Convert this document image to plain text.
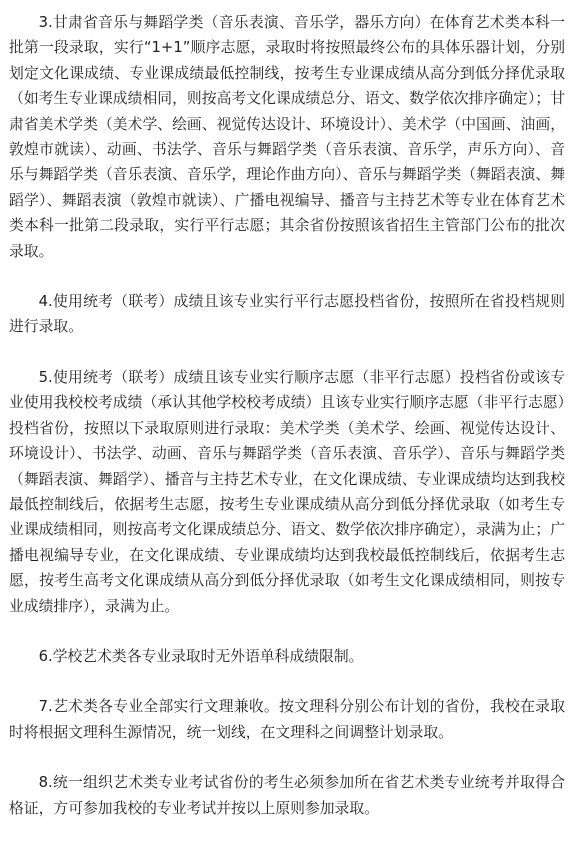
3.甘肃省音乐与舞蹈学类（音乐表演、音乐学，器乐方向）在体育艺术类本科一批第一段录取，实行“1+1”顺序志愿，录取时将按照最终公布的具体乐器计划，分别划定文化课成绩、专业课成绩最低控制线，按考生专业课成绩从高分到低分择优录取（如考生专业课成绩相同，则按高考文化课成绩总分、语文、数学依次排序确定）；甘肃省美术学类（美术学、绘画、视觉传达设计、环境设计）、美术学（中国画、油画，敦煌市就读）、动画、书法学、音乐与舞蹈学类（音乐表演、音乐学，声乐方向）、音乐与舞蹈学类（音乐表演、音乐学，理论作曲方向）、音乐与舞蹈学类（舞蹈表演、舞蹈学）、舞蹈表演（敦煌市就读）、广播电视编导、播音与主持艺术等专业在体育艺术类本科一批第二段录取，实行平行志愿；其余省份按照该省招生主管部门公布的批次录取。

4.使用统考（联考）成绩且该专业实行平行志愿投档省份，按照所在省投档规则进行录取。

5.使用统考（联考）成绩且该专业实行顺序志愿（非平行志愿）投档省份或该专业使用我校校考成绩（承认其他学校校考成绩）且该专业实行顺序志愿（非平行志愿）投档省份，按照以下录取原则进行录取：美术学类（美术学、绘画、视觉传达设计、环境设计）、书法学、动画、音乐与舞蹈学类（音乐表演、音乐学）、音乐与舞蹈学类（舞蹈表演、舞蹈学）、播音与主持艺术专业，在文化课成绩、专业课成绩均达到我校最低控制线后，依据考生志愿，按考生专业课成绩从高分到低分择优录取（如考生专业课成绩相同，则按高考文化课成绩总分、语文、数学依次排序确定），录满为止；广播电视编导专业，在文化课成绩、专业课成绩均达到我校最低控制线后，依据考生志愿，按考生高考文化课成绩从高分到低分择优录取（如考生文化课成绩相同，则按专业成绩排序），录满为止。

6.学校艺术类各专业录取时无外语单科成绩限制。

7.艺术类各专业全部实行文理兼收。按文理科分别公布计划的省份，我校在录取时将根据文理科生源情况，统一划线，在文理科之间调整计划录取。

8.统一组织艺术类专业考试省份的考生必须参加所在省艺术类专业统考并取得合格证，方可参加我校的专业考试并按以上原则参加录取。
